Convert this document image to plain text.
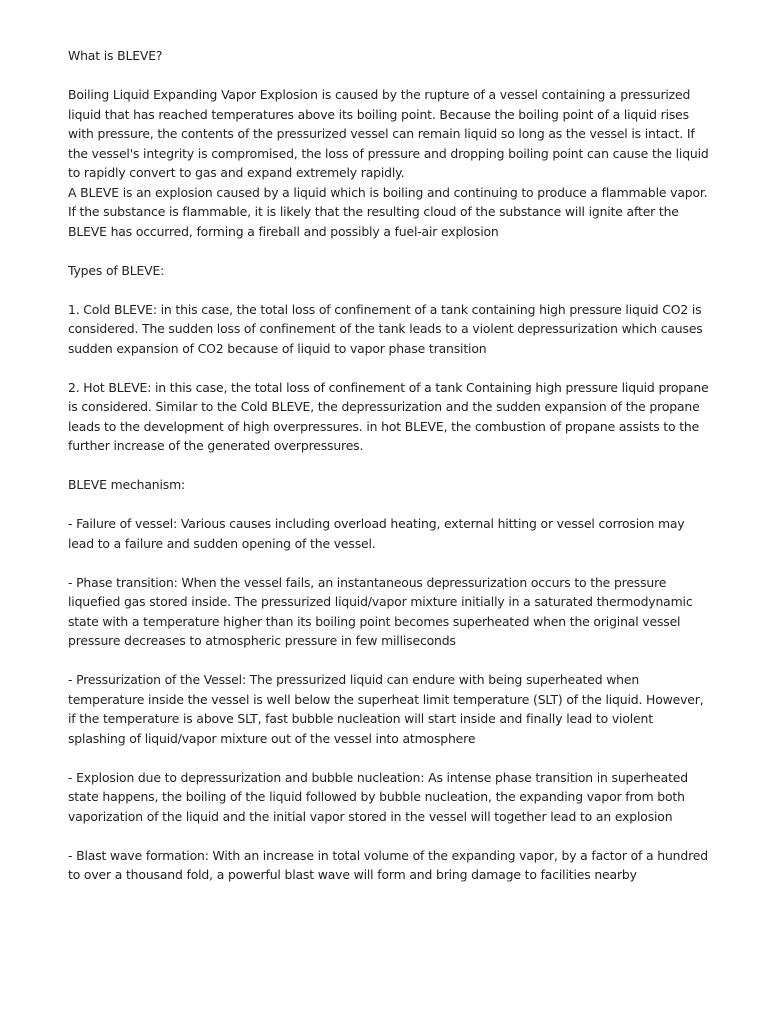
What is BLEVE?

Boiling Liquid Expanding Vapor Explosion is caused by the rupture of a vessel containing a pressurized liquid that has reached temperatures above its boiling point. Because the boiling point of a liquid rises with pressure, the contents of the pressurized vessel can remain liquid so long as the vessel is intact. If the vessel's integrity is compromised, the loss of pressure and dropping boiling point can cause the liquid to rapidly convert to gas and expand extremely rapidly.

A BLEVE is an explosion caused by a liquid which is boiling and continuing to produce a flammable vapor. If the substance is flammable, it is likely that the resulting cloud of the substance will ignite after the BLEVE has occurred, forming a fireball and possibly a fuel-air explosion

Types of BLEVE:

1. Cold BLEVE: in this case, the total loss of confinement of a tank containing high pressure liquid CO2 is considered. The sudden loss of confinement of the tank leads to a violent depressurization which causes sudden expansion of CO2 because of liquid to vapor phase transition

2. Hot BLEVE: in this case, the total loss of confinement of a tank Containing high pressure liquid propane is considered. Similar to the Cold BLEVE, the depressurization and the sudden expansion of the propane leads to the development of high overpressures. in hot BLEVE, the combustion of propane assists to the further increase of the generated overpressures.

BLEVE mechanism:

- Failure of vessel: Various causes including overload heating, external hitting or vessel corrosion may lead to a failure and sudden opening of the vessel.

- Phase transition: When the vessel fails, an instantaneous depressurization occurs to the pressure liquefied gas stored inside. The pressurized liquid/vapor mixture initially in a saturated thermodynamic state with a temperature higher than its boiling point becomes superheated when the original vessel pressure decreases to atmospheric pressure in few milliseconds

- Pressurization of the Vessel: The pressurized liquid can endure with being superheated when temperature inside the vessel is well below the superheat limit temperature (SLT) of the liquid. However, if the temperature is above SLT, fast bubble nucleation will start inside and finally lead to violent splashing of liquid/vapor mixture out of the vessel into atmosphere

- Explosion due to depressurization and bubble nucleation: As intense phase transition in superheated state happens, the boiling of the liquid followed by bubble nucleation, the expanding vapor from both vaporization of the liquid and the initial vapor stored in the vessel will together lead to an explosion

- Blast wave formation: With an increase in total volume of the expanding vapor, by a factor of a hundred to over a thousand fold, a powerful blast wave will form and bring damage to facilities nearby
